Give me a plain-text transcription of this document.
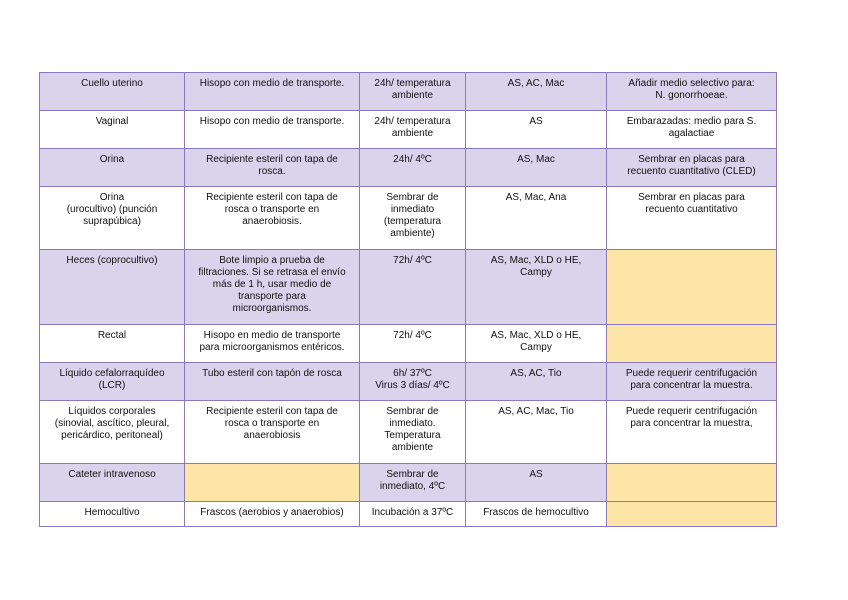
Cuello uterino	Hisopo con medio de transporte.	24h/ temperatura
ambiente	AS, AC, Mac	Añadir medio selectivo para:
N. gonorrhoeae.

Vaginal	Hisopo con medio de transporte.	24h/ temperatura
ambiente	AS	Embarazadas: medio para S.
agalactiae

Orina	Recipiente esteril con tapa de
rosca.	24h/ 4ºC	AS, Mac	Sembrar en placas para
recuento cuantitativo (CLED)

Orina
(urocultivo) (punción
suprapúbica)	Recipiente esteril con tapa de
rosca o transporte en
anaerobiosis.	Sembrar de
inmediato
(temperatura
ambiente)	AS, Mac, Ana	Sembrar en placas para
recuento cuantitativo

Heces (coprocultivo)	Bote limpio a prueba de
filtraciones. Si se retrasa el envío
más de 1 h, usar medio de
transporte para
microorganismos.	72h/ 4ºC	AS, Mac, XLD o HE,
Campy	

Rectal	Hisopo en medio de transporte
para microorganismos entéricos.	72h/ 4ºC	AS, Mac, XLD o HE,
Campy	

Líquido cefalorraquídeo
(LCR)	Tubo esteril con tapón de rosca	6h/ 37ºC
Virus 3 días/ 4ºC	AS, AC, Tio	Puede requerir centrifugación
para concentrar la muestra.

Líquidos corporales
(sinovial, ascítico, pleural,
pericárdico, peritoneal)	Recipiente esteril con tapa de
rosca o transporte en
anaerobiosis	Sembrar de
inmediato.
Temperatura
ambiente	AS, AC, Mac, Tio	Puede requerir centrifugación
para concentrar la muestra,

Cateter intravenoso		Sembrar de
inmediato, 4ºC	AS	

Hemocultivo	Frascos (aerobios y anaerobios)	Incubación a 37ºC	Frascos de hemocultivo	
